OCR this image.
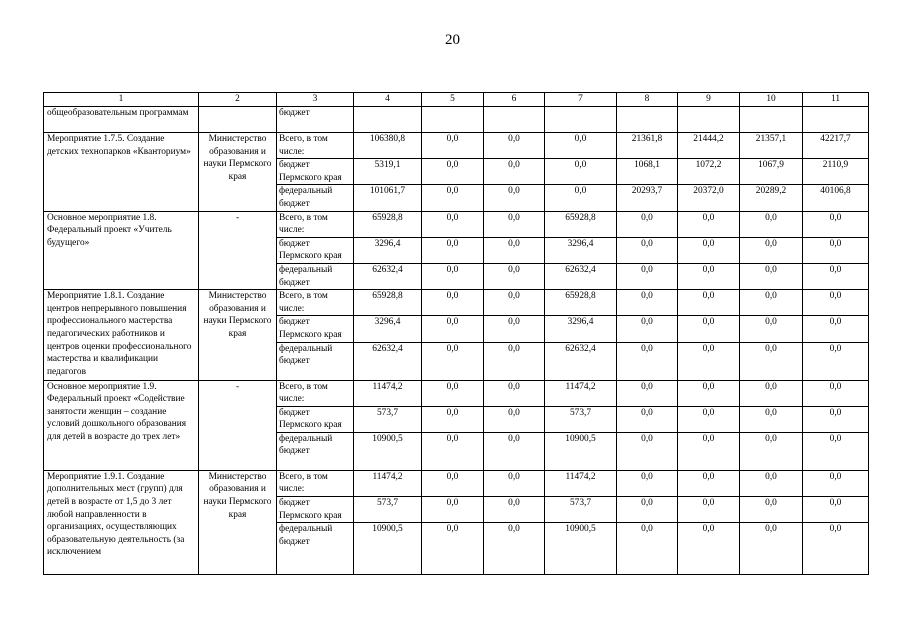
20
1	2	3	4	5	6	7	8	9	10	11
общеобразовательным программам		бюджет								
Мероприятие 1.7.5. Создание детских технопарков «Кванториум»	Министерство образования и науки Пермского края	Всего, в том числе:	106380,8	0,0	0,0	0,0	21361,8	21444,2	21357,1	42217,7
		бюджет Пермского края	5319,1	0,0	0,0	0,0	1068,1	1072,2	1067,9	2110,9
		федеральный бюджет	101061,7	0,0	0,0	0,0	20293,7	20372,0	20289,2	40106,8
Основное мероприятие 1.8. Федеральный проект «Учитель будущего»	-	Всего, в том числе:	65928,8	0,0	0,0	65928,8	0,0	0,0	0,0	0,0
		бюджет Пермского края	3296,4	0,0	0,0	3296,4	0,0	0,0	0,0	0,0
		федеральный бюджет	62632,4	0,0	0,0	62632,4	0,0	0,0	0,0	0,0
Мероприятие 1.8.1. Создание центров непрерывного повышения профессионального мастерства педагогических работников и центров оценки профессионального мастерства и квалификации педагогов	Министерство образования и науки Пермского края	Всего, в том числе:	65928,8	0,0	0,0	65928,8	0,0	0,0	0,0	0,0
		бюджет Пермского края	3296,4	0,0	0,0	3296,4	0,0	0,0	0,0	0,0
		федеральный бюджет	62632,4	0,0	0,0	62632,4	0,0	0,0	0,0	0,0
Основное мероприятие 1.9. Федеральный проект «Содействие занятости женщин – создание условий дошкольного образования для детей в возрасте до трех лет»	-	Всего, в том числе:	11474,2	0,0	0,0	11474,2	0,0	0,0	0,0	0,0
		бюджет Пермского края	573,7	0,0	0,0	573,7	0,0	0,0	0,0	0,0
		федеральный бюджет	10900,5	0,0	0,0	10900,5	0,0	0,0	0,0	0,0
Мероприятие 1.9.1. Создание дополнительных мест (групп) для детей в возрасте от 1,5 до 3 лет любой направленности в организациях, осуществляющих образовательную деятельность (за исключением	Министерство образования и науки Пермского края	Всего, в том числе:	11474,2	0,0	0,0	11474,2	0,0	0,0	0,0	0,0
		бюджет Пермского края	573,7	0,0	0,0	573,7	0,0	0,0	0,0	0,0
		федеральный бюджет	10900,5	0,0	0,0	10900,5	0,0	0,0	0,0	0,0
